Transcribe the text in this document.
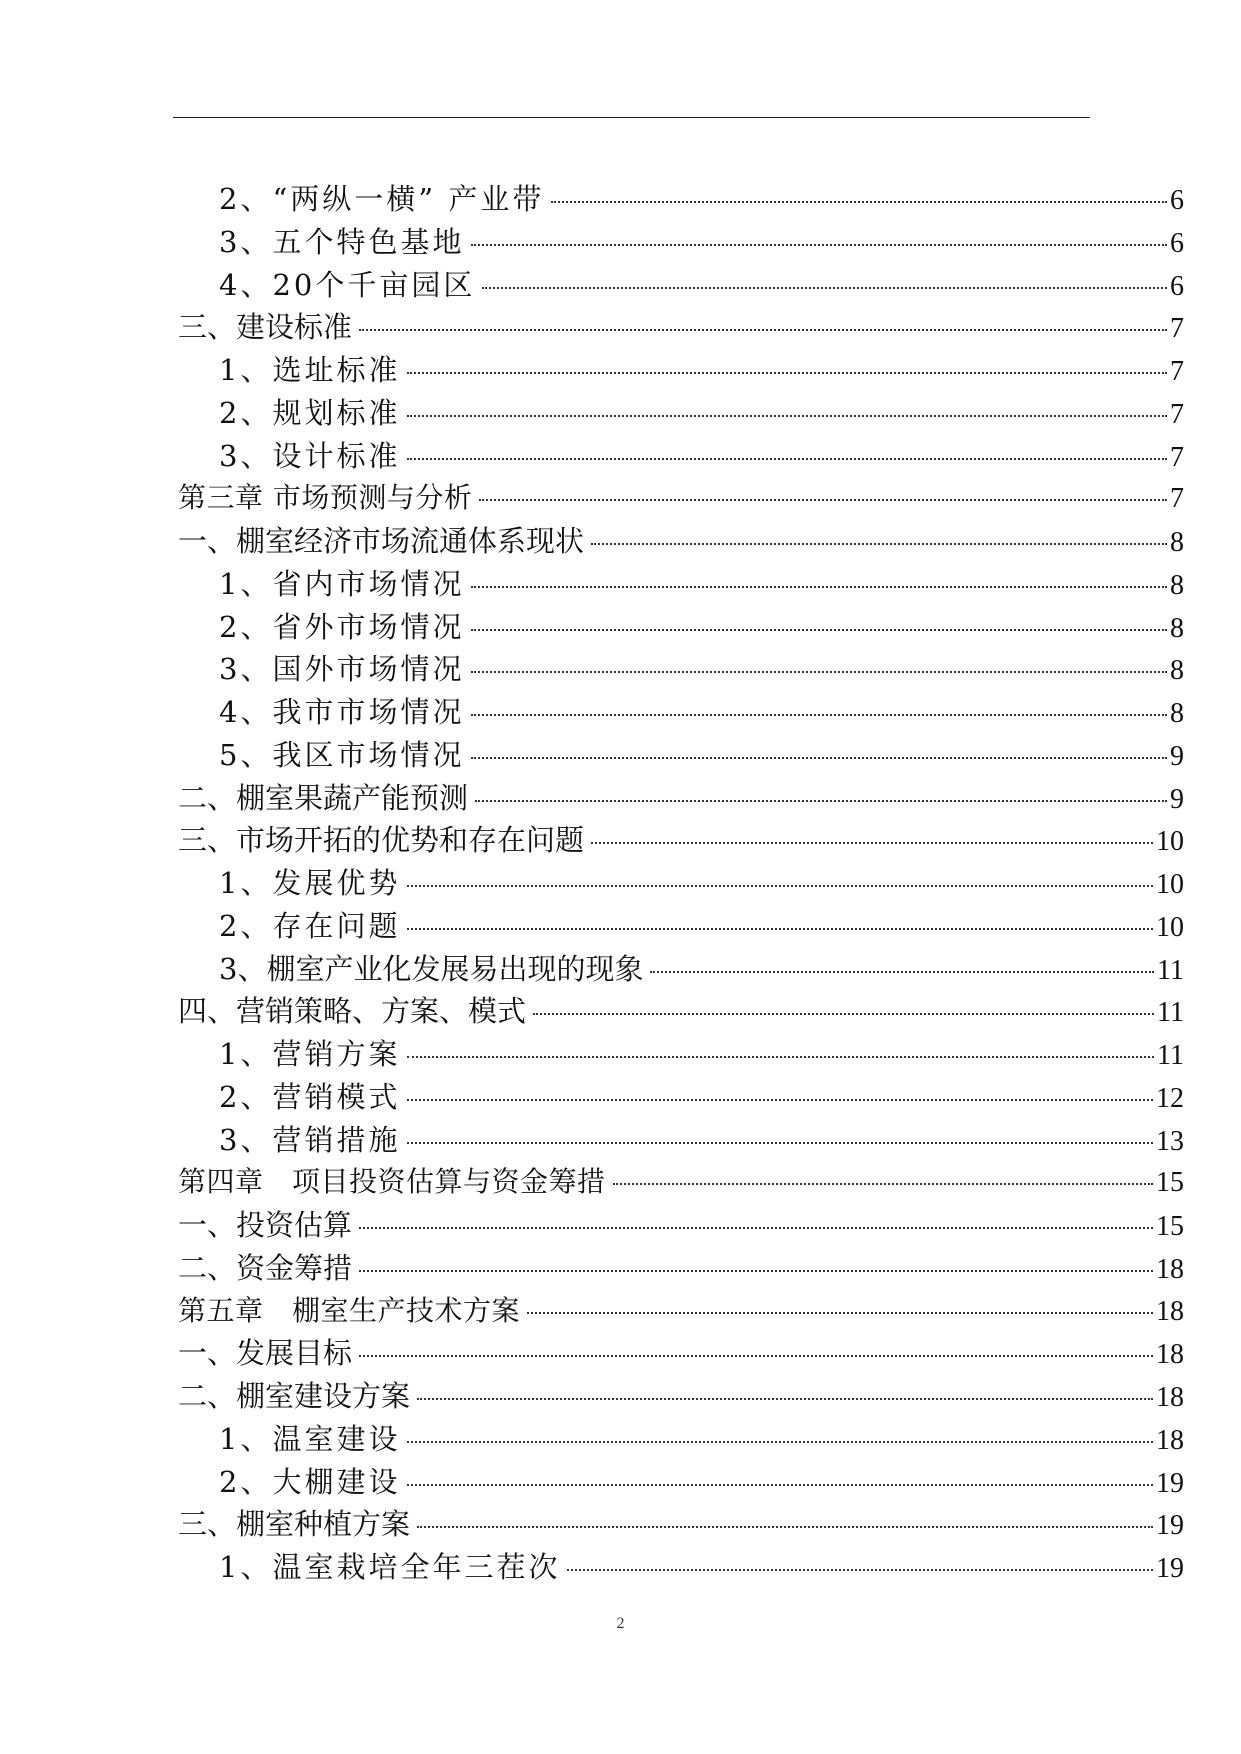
2、“两纵一横” 产业带	6
3、五个特色基地	6
4、20个千亩园区	6
三、建设标准	7
1、选址标准	7
2、规划标准	7
3、设计标准	7
第三章 市场预测与分析	7
一、棚室经济市场流通体系现状	8
1、省内市场情况	8
2、省外市场情况	8
3、国外市场情况	8
4、我市市场情况	8
5、我区市场情况	9
二、棚室果蔬产能预测	9
三、市场开拓的优势和存在问题	10
1、发展优势	10
2、存在问题	10
3、棚室产业化发展易出现的现象	11
四、营销策略、方案、模式	11
1、营销方案	11
2、营销模式	12
3、营销措施	13
第四章　项目投资估算与资金筹措	15
一、投资估算	15
二、资金筹措	18
第五章　棚室生产技术方案	18
一、发展目标	18
二、棚室建设方案	18
1、温室建设	18
2、大棚建设	19
三、棚室种植方案	19
1、温室栽培全年三茬次	19
2
